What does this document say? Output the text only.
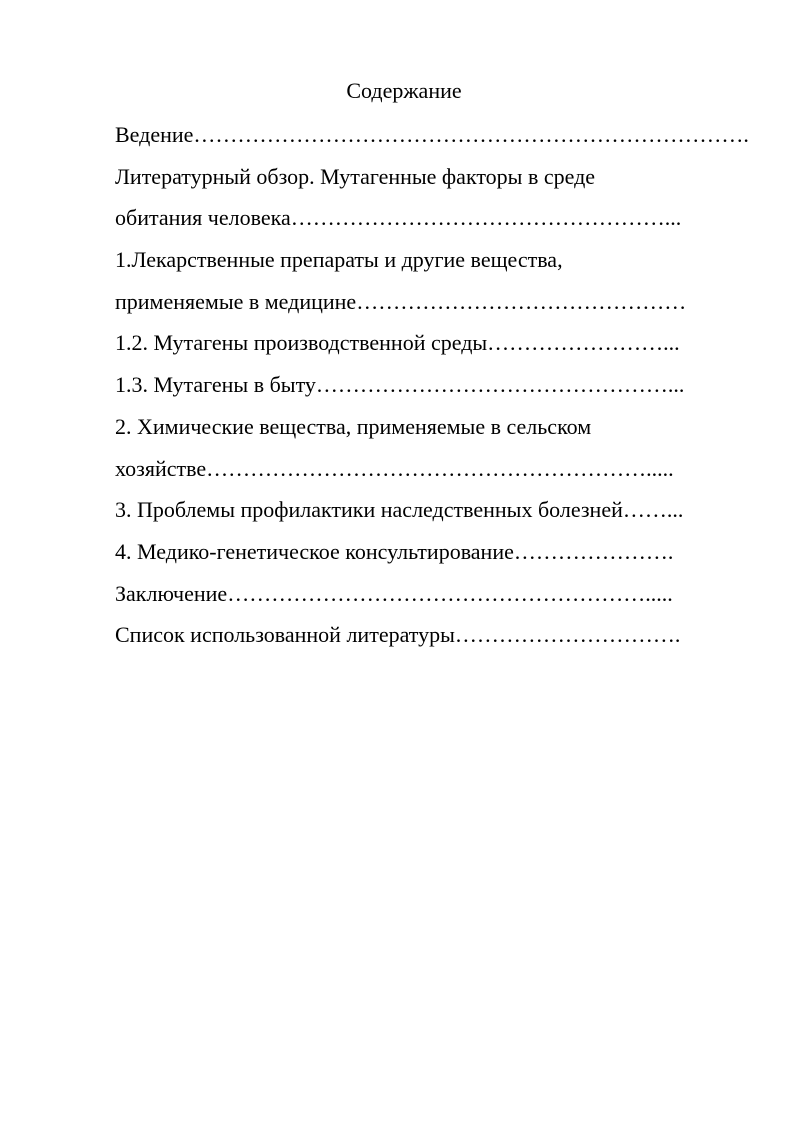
Содержание
Ведение………………………………………………………………….
Литературный обзор. Мутагенные факторы в среде
обитания человека……………………………………………...
1.Лекарственные препараты и другие вещества,
применяемые в медицине………………………………………
1.2. Мутагены производственной среды……………………...
1.3. Мутагены в быту…………………………………………...
2. Химические вещества, применяемые в сельском
хозяйстве…………………………………………………….....
3. Проблемы профилактики наследственных болезней……...
4. Медико-генетическое консультирование………………….
Заключение………………………………………………….....
Список использованной литературы………………………….
